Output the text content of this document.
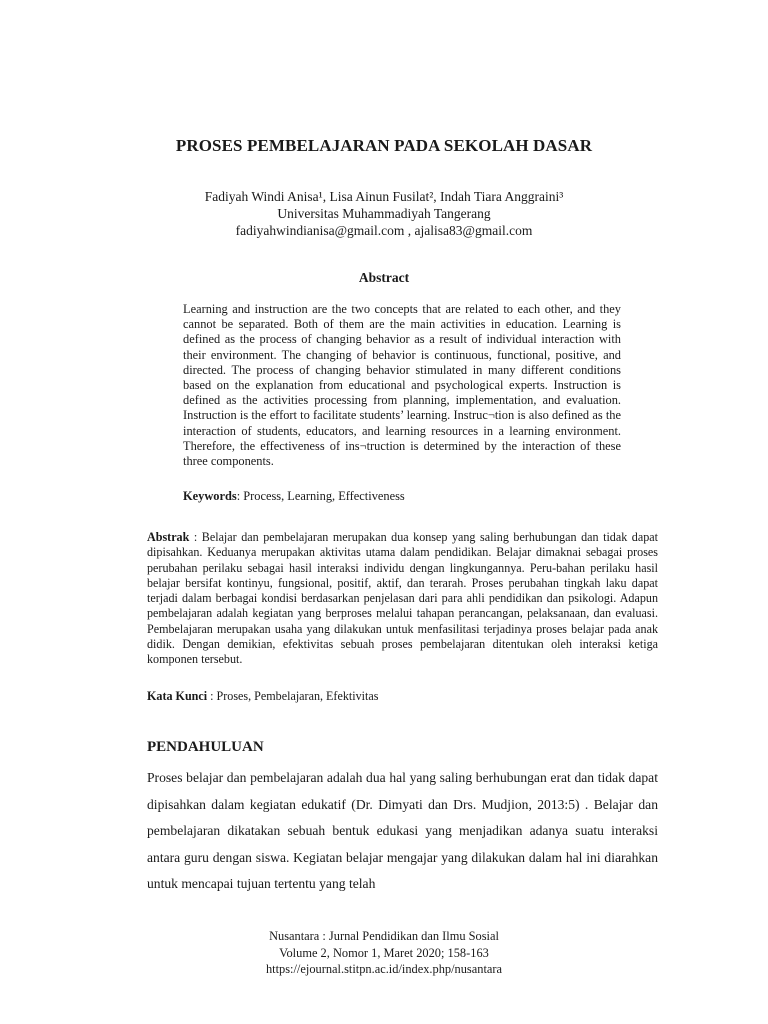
PROSES PEMBELAJARAN PADA SEKOLAH DASAR
Fadiyah Windi Anisa¹, Lisa Ainun Fusilat², Indah Tiara Anggraini³
Universitas Muhammadiyah Tangerang
fadiyahwindianisa@gmail.com , ajalisa83@gmail.com
Abstract
Learning and instruction are the two concepts that are related to each other, and they cannot be separated. Both of them are the main activities in education. Learning is defined as the process of changing behavior as a result of individual interaction with their environment. The changing of behavior is continuous, functional, positive, and directed. The process of changing behavior stimulated in many different conditions based on the explanation from educational and psychological experts. Instruction is defined as the activities processing from planning, implementation, and evaluation. Instruction is the effort to facilitate students’ learning. Instruc¬tion is also defined as the interaction of students, educators, and learning resources in a learning environment. Therefore, the effectiveness of ins¬truction is determined by the interaction of these three components.
Keywords: Process, Learning, Effectiveness
Abstrak : Belajar dan pembelajaran merupakan dua konsep yang saling berhubungan dan tidak dapat dipisahkan. Keduanya merupakan aktivitas utama dalam pendidikan. Belajar dimaknai sebagai proses perubahan perilaku sebagai hasil interaksi individu dengan lingkungannya. Peru-bahan perilaku hasil belajar bersifat kontinyu, fungsional, positif, aktif, dan terarah. Proses perubahan tingkah laku dapat terjadi dalam berbagai kondisi berdasarkan penjelasan dari para ahli pendidikan dan psikologi. Adapun pembelajaran adalah kegiatan yang berproses melalui tahapan perancangan, pelaksanaan, dan evaluasi. Pembelajaran merupakan usaha yang dilakukan untuk menfasilitasi terjadinya proses belajar pada anak didik. Dengan demikian, efektivitas sebuah proses pembelajaran ditentukan oleh interaksi ketiga komponen tersebut.
Kata Kunci : Proses, Pembelajaran, Efektivitas
PENDAHULUAN
Proses belajar dan pembelajaran adalah dua hal yang saling berhubungan erat dan tidak dapat dipisahkan dalam kegiatan edukatif (Dr. Dimyati dan Drs. Mudjion, 2013:5) . Belajar dan pembelajaran dikatakan sebuah bentuk edukasi yang menjadikan adanya suatu interaksi antara guru dengan siswa. Kegiatan belajar mengajar yang dilakukan dalam hal ini diarahkan untuk mencapai tujuan tertentu yang telah
Nusantara : Jurnal Pendidikan dan Ilmu Sosial
Volume 2, Nomor 1, Maret 2020; 158-163
https://ejournal.stitpn.ac.id/index.php/nusantara
